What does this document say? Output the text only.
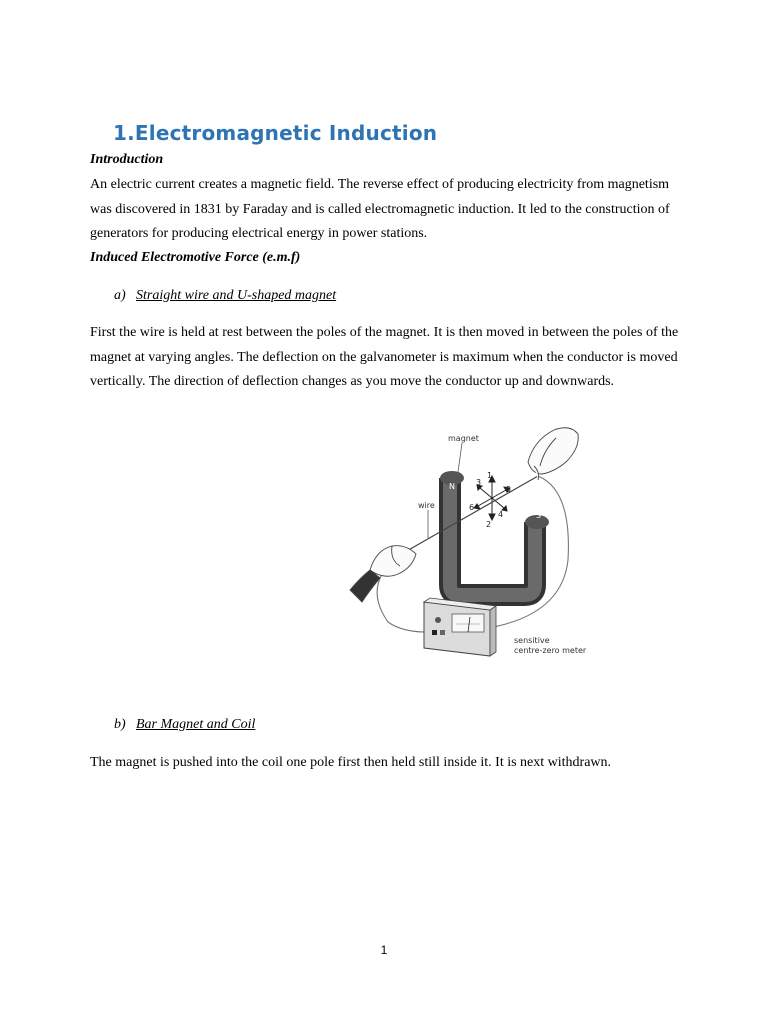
1.Electromagnetic Induction
Introduction

An electric current creates a magnetic field. The reverse effect of producing electricity from magnetism
was discovered in 1831 by Faraday and is called electromagnetic induction. It led to the construction of
generators for producing electrical energy in power stations.

Induced Electromotive Force (e.m.f)
a) Straight wire and U-shaped magnet

First the wire is held at rest between the poles of the magnet. It is then moved in between the poles of the
magnet at varying angles. The deflection on the galvanometer is maximum when the conductor is moved
vertically. The direction of deflection changes as you move the conductor up and downwards.

N
S
magnet
wire
1
2
3
4
5
6
sensitive
centre-zero meter
b) Bar Magnet and Coil

The magnet is pushed into the coil one pole first then held still inside it. It is next withdrawn.

1
